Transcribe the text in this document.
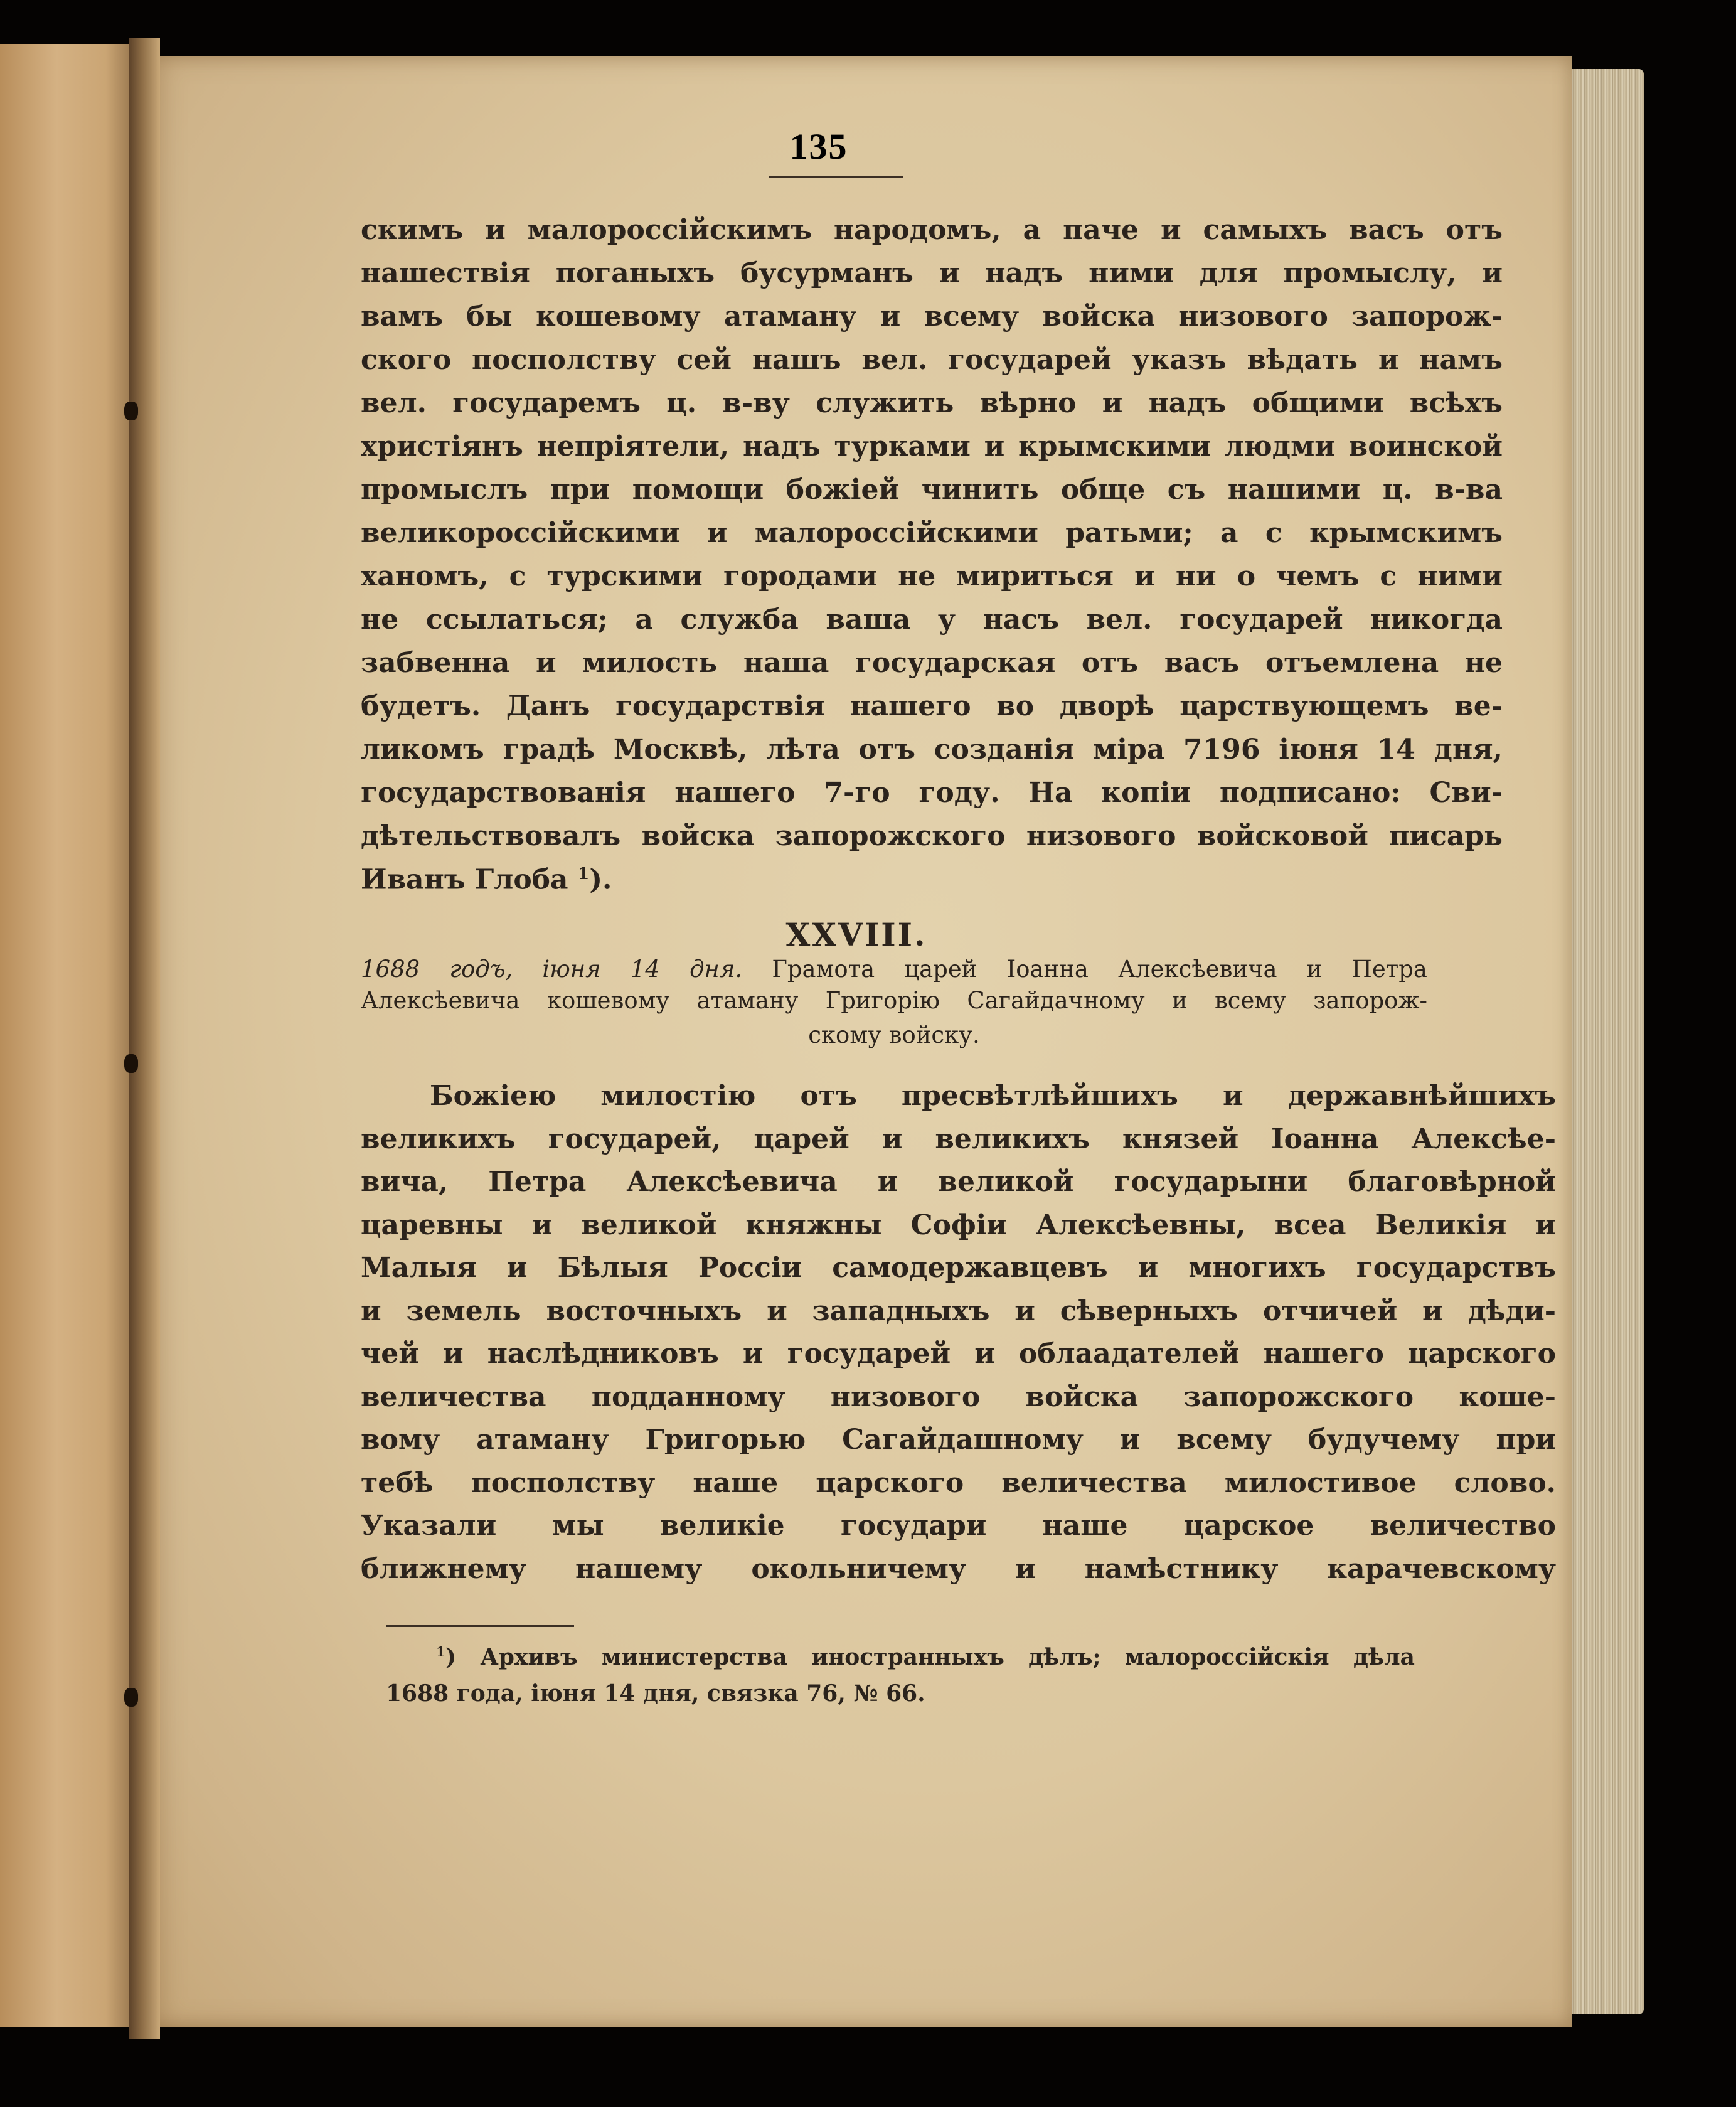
135
скимъ и малороссійскимъ народомъ, а паче и самыхъ васъ отъ
нашествія поганыхъ бусурманъ и надъ ними для промыслу, и
вамъ бы кошевому атаману и всему войска низового запорож-
ского посполству сей нашъ вел. государей указъ вѣдать и намъ
вел. государемъ ц. в-ву служить вѣрно и надъ общими всѣхъ
христіянъ непріятели, надъ турками и крымскими людми воинской
промыслъ при помощи божіей чинить обще съ нашими ц. в-ва
великороссійскими и малороссійскими ратьми; а с крымскимъ
ханомъ, с турскими городами не мириться и ни о чемъ с ними
не ссылаться; а служба ваша у насъ вел. государей никогда
забвенна и милость наша государская отъ васъ отъемлена не
будетъ. Данъ государствія нашего во дворѣ царствующемъ ве-
ликомъ градѣ Москвѣ, лѣта отъ созданія міра 7196 іюня 14 дня,
государствованія нашего 7-го году. На копіи подписано: Сви-
дѣтельствовалъ войска запорожского низового войсковой писарь
Иванъ Глоба $^1$).
XXVIII.
1688 годъ, іюня 14 дня. Грамота царей Іоанна Алексѣевича и Петра
Алексѣевича кошевому атаману Григорію Сагайдачному и всему запорож-
скому войску.
Божіею милостію отъ пресвѣтлѣйшихъ и державнѣйшихъ
великихъ государей, царей и великихъ князей Іоанна Алексѣе-
вича, Петра Алексѣевича и великой государыни благовѣрной
царевны и великой княжны Софіи Алексѣевны, всеа Великія и
Малыя и Бѣлыя Россіи самодержавцевъ и многихъ государствъ
и земель восточныхъ и западныхъ и сѣверныхъ отчичей и дѣди-
чей и наслѣдниковъ и государей и облаадателей нашего царского
величества подданному низового войска запорожского коше-
вому атаману Григорью Сагайдашному и всему будучему при
тебѣ посполству наше царского величества милостивое слово.
Указали мы великіе государи наше царское величество
ближнему нашему окольничему и намѣстнику карачевскому
$^1$) Архивъ министерства иностранныхъ дѣлъ; малороссійскія дѣла
1688 года, іюня 14 дня, связка 76, № 66.
